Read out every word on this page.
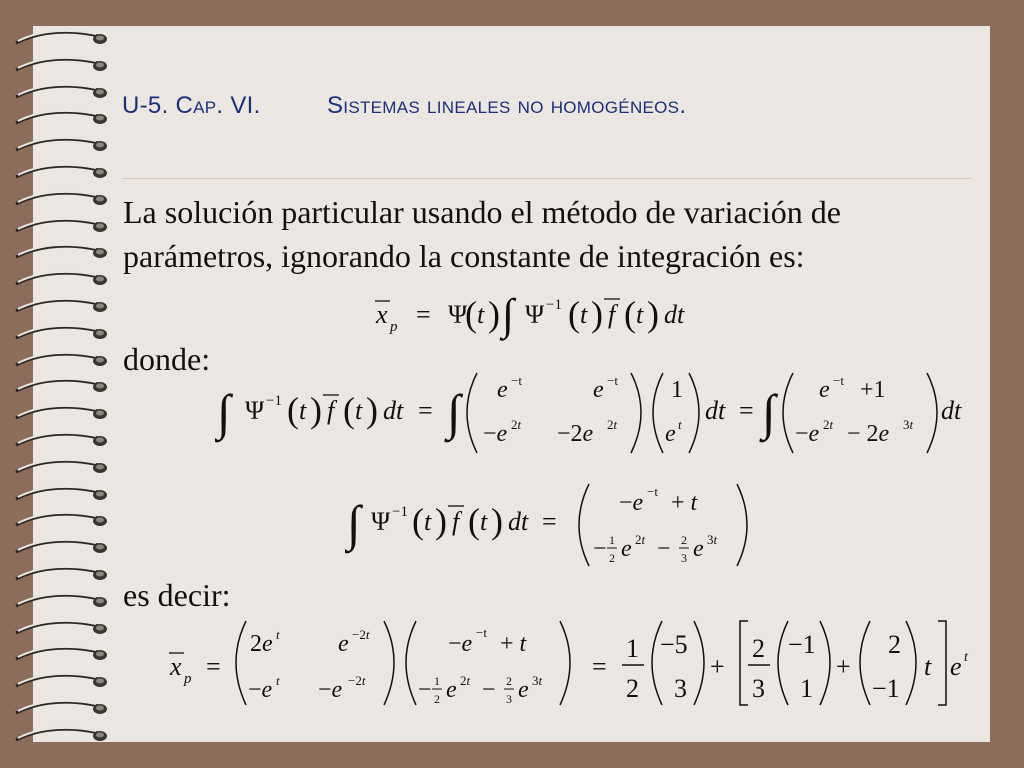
U-5. Cap. VI.	Sistemas lineales no homogéneos.
La solución particular usando el método de variación de
parámetros, ignorando la constante de integración es:
donde:
es decir:
x p = Ψ
( t ) ∫ Ψ −1 ( t ) f ( t ) dt
∫ Ψ −1 ( t ) f ( t ) dt = ∫ e −t	e −t
−e 2t −2e 2t
1
e t dt = ∫ e −t +1
−e 2t − 2e 3t dt
∫ Ψ −1 ( t ) f ( t ) dt =
−e −t + t
− 1
2 e 2t − 2
3 e 3t
x p =
2e t e −2t
−e t −e −2t
−e −t + t
− 1
2 e 2t − 2
3 e 3t =
1
2
−5
3
+
2
3
−1
1
+
2
−1
t e t
